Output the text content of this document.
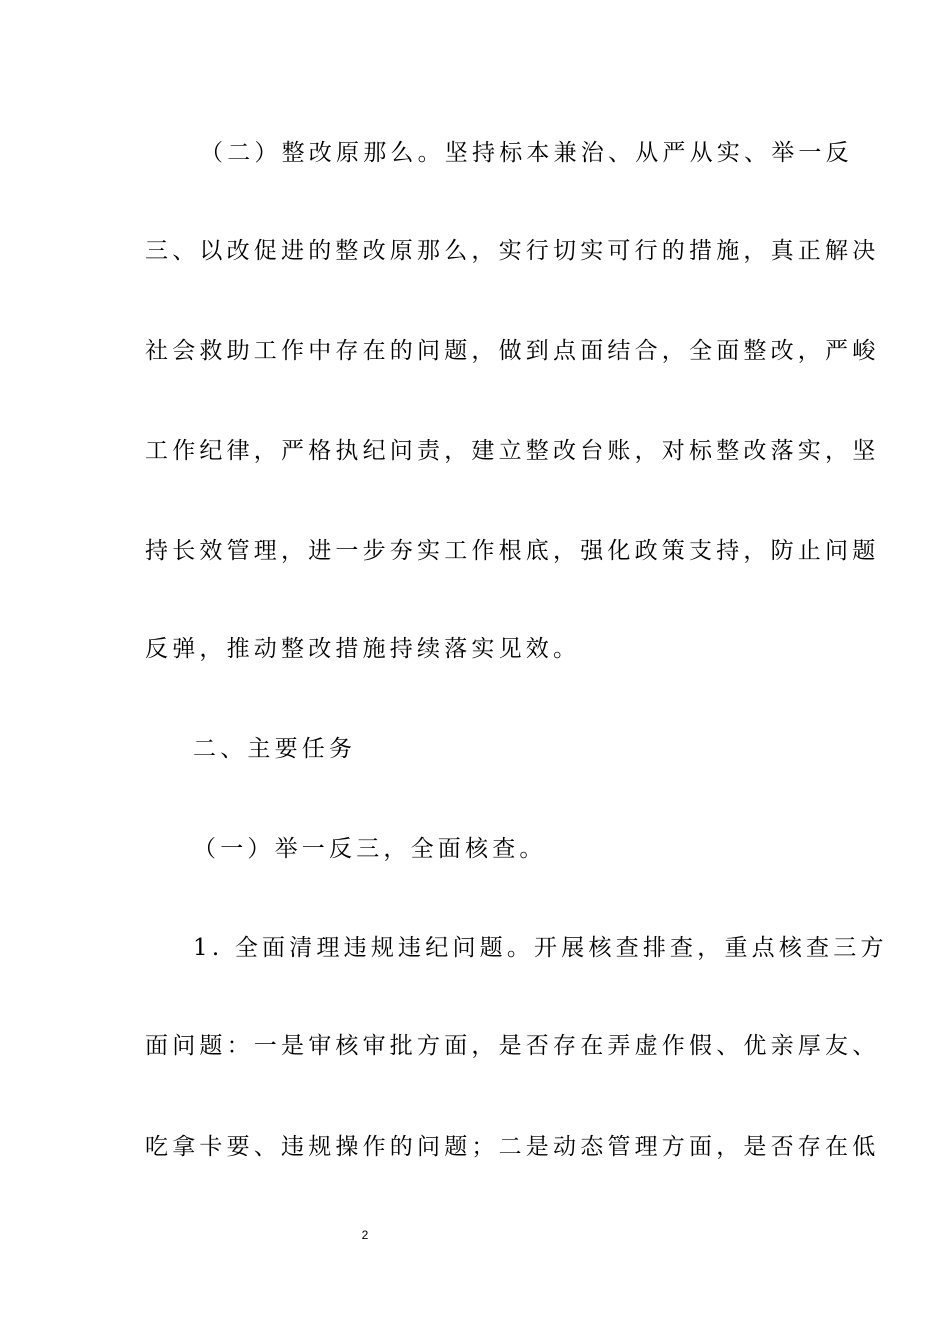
（二）整改原那么。坚持标本兼治、从严从实、举一反
三、以改促进的整改原那么，实行切实可行的措施，真正解决
社会救助工作中存在的问题，做到点面结合，全面整改，严峻
工作纪律，严格执纪问责，建立整改台账，对标整改落实，坚
持长效管理，进一步夯实工作根底，强化政策支持，防止问题
反弹，推动整改措施持续落实见效。
二、主要任务
（一）举一反三，全面核查。
1. 全面清理违规违纪问题。开展核查排查，重点核查三方
面问题：一是审核审批方面，是否存在弄虚作假、优亲厚友、
吃拿卡要、违规操作的问题；二是动态管理方面，是否存在低
2
